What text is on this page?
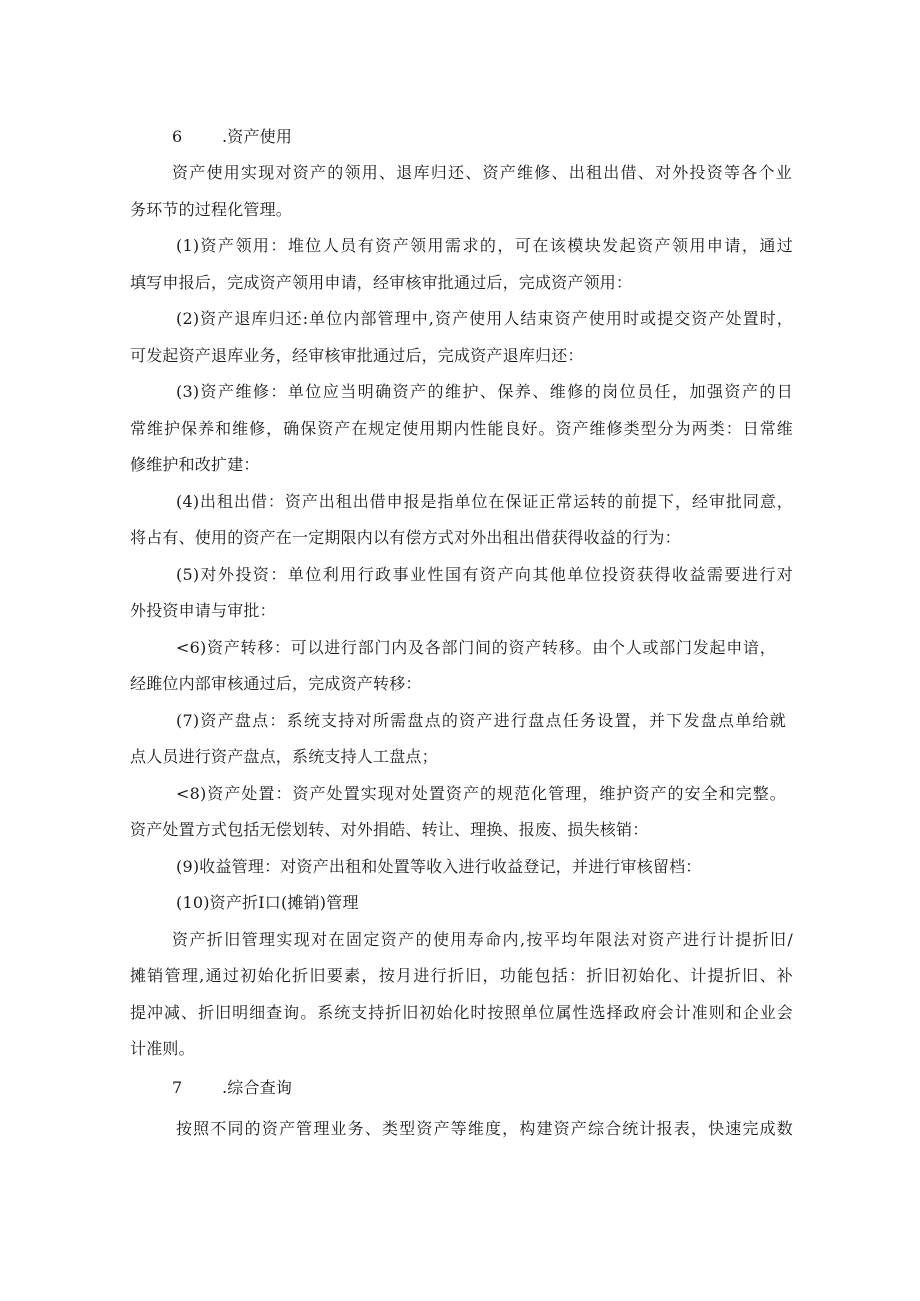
6 .资产使用
资产使用实现对资产的领用、退库归还、资产维修、出租出借、对外投资等各个业
务环节的过程化管理。
(1)资产领用：堆位人员有资产领用需求的，可在该模块发起资产领用申请，通过
填写申报后，完成资产领用申请，经审核审批通过后，完成资产领用：
(2)资产退库归还:单位内部管理中,资产使用人结束资产使用时或提交资产处置时，
可发起资产退库业务，经审核审批通过后，完成资产退库归还：
(3)资产维修：单位应当明确资产的维护、保养、维修的岗位员任，加强资产的日
常维护保养和维修，确保资产在规定使用期内性能良好。资产维修类型分为两类：日常维
修维护和改扩建：
(4)出租出借：资产出租出借申报是指单位在保证正常运转的前提下，经审批同意，
将占有、使用的资产在一定期限内以有偿方式对外出租出借获得收益的行为：
(5)对外投资：单位利用行政事业性国有资产向其他单位投资获得收益需要进行对
外投资申请与审批：
<6)资产转移：可以进行部门内及各部门间的资产转移。由个人或部门发起申谙，
经雎位内部审核通过后，完成资产转移：
(7)资产盘点：系统支持对所需盘点的资产进行盘点任务设置，并下发盘点单给就
点人员进行资产盘点，系统支持人工盘点；
<8)资产处置：资产处置实现对处置资产的规范化管理，维护资产的安全和完整。
资产处置方式包括无偿划转、对外捐皓、转让、理换、报废、损失核销：
(9)收益管理：对资产出租和处置等收入进行收益登记，并进行审核留档：
(10)资产折I口(摊销)管理
资产折旧管理实现对在固定资产的使用寿命内,按平均年限法对资产进行计提折旧/
摊销管理,通过初始化折旧要素，按月进行折旧，功能包括：折旧初始化、计提折旧、补
提冲减、折旧明细查询。系统支持折旧初始化时按照单位属性选择政府会计准则和企业会
计准则。
7 .综合查询
按照不同的资产管理业务、类型资产等维度，构建资产综合统计报表，快速完成数
